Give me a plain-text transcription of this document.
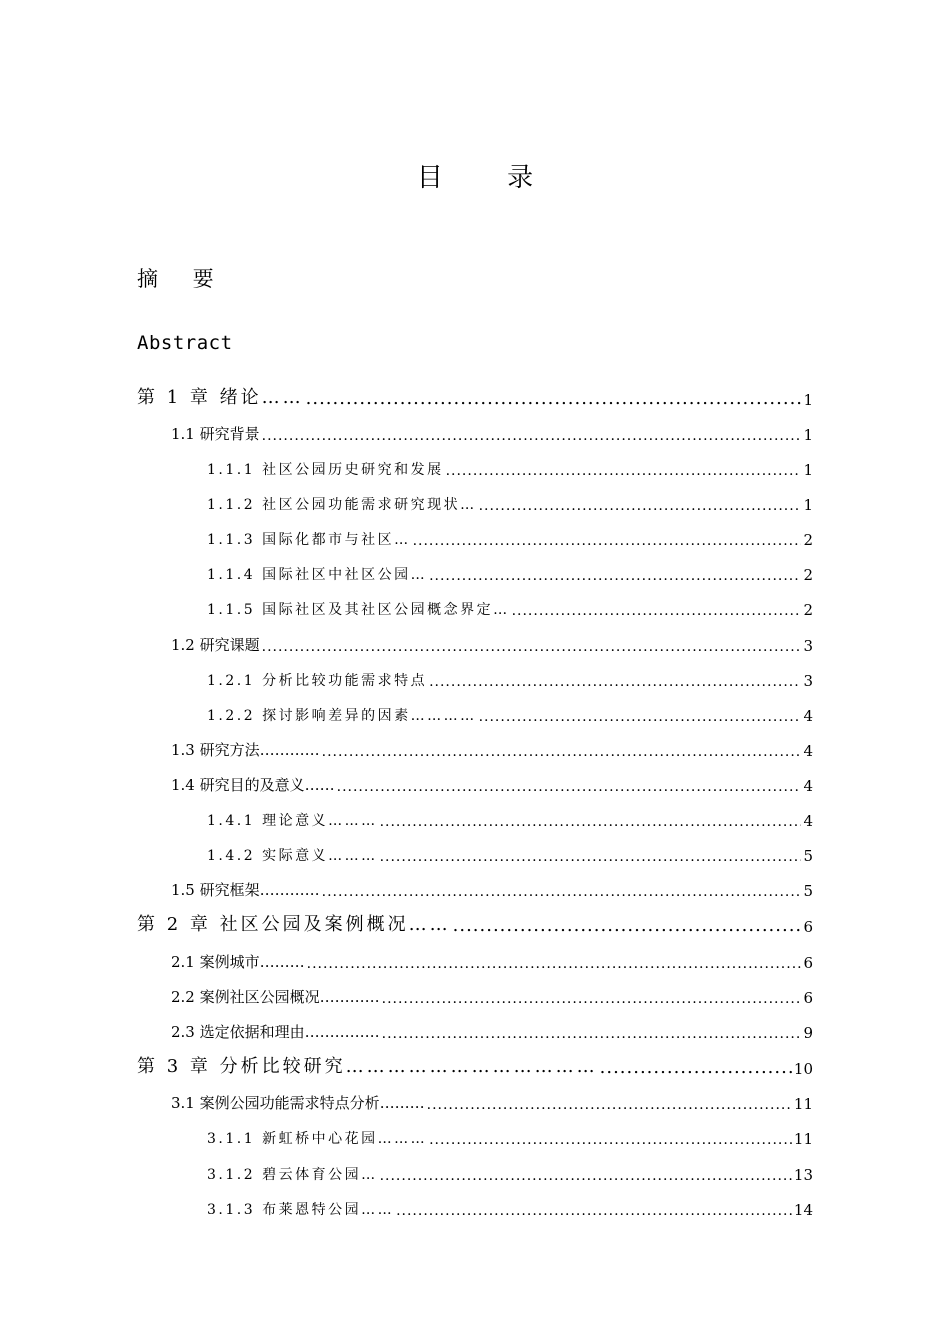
目 录
摘 要
Abstract
第 1 章 绪论…… .....	1
1.1 研究背景 .....	1
1.1.1 社区公园历史研究和发展 .....	1
1.1.2 社区公园功能需求研究现状… .....	1
1.1.3 国际化都市与社区… .....	2
1.1.4 国际社区中社区公园… .....	2
1.1.5 国际社区及其社区公园概念界定… .....	2
1.2 研究课题 .....	3
1.2.1 分析比较功能需求特点 .....	3
1.2.2 探讨影响差异的因素………… .....	4
1.3 研究方法………… .....	4
1.4 研究目的及意义…… .....	4
1.4.1 理论意义……… .....	4
1.4.2 实际意义……… .....	5
1.5 研究框架………… .....	5
第 2 章 社区公园及案例概况…… .....	6
2.1 案例城市……… .....	6
2.2 案例社区公园概况………… .....	6
2.3 选定依据和理由…………… .....	9
第 3 章 分析比较研究……………………………… .....	10
3.1 案例公园功能需求特点分析……… .....	11
3.1.1 新虹桥中心花园……… .....	11
3.1.2 碧云体育公园… .....	13
3.1.3 布莱恩特公园…… .....	14
